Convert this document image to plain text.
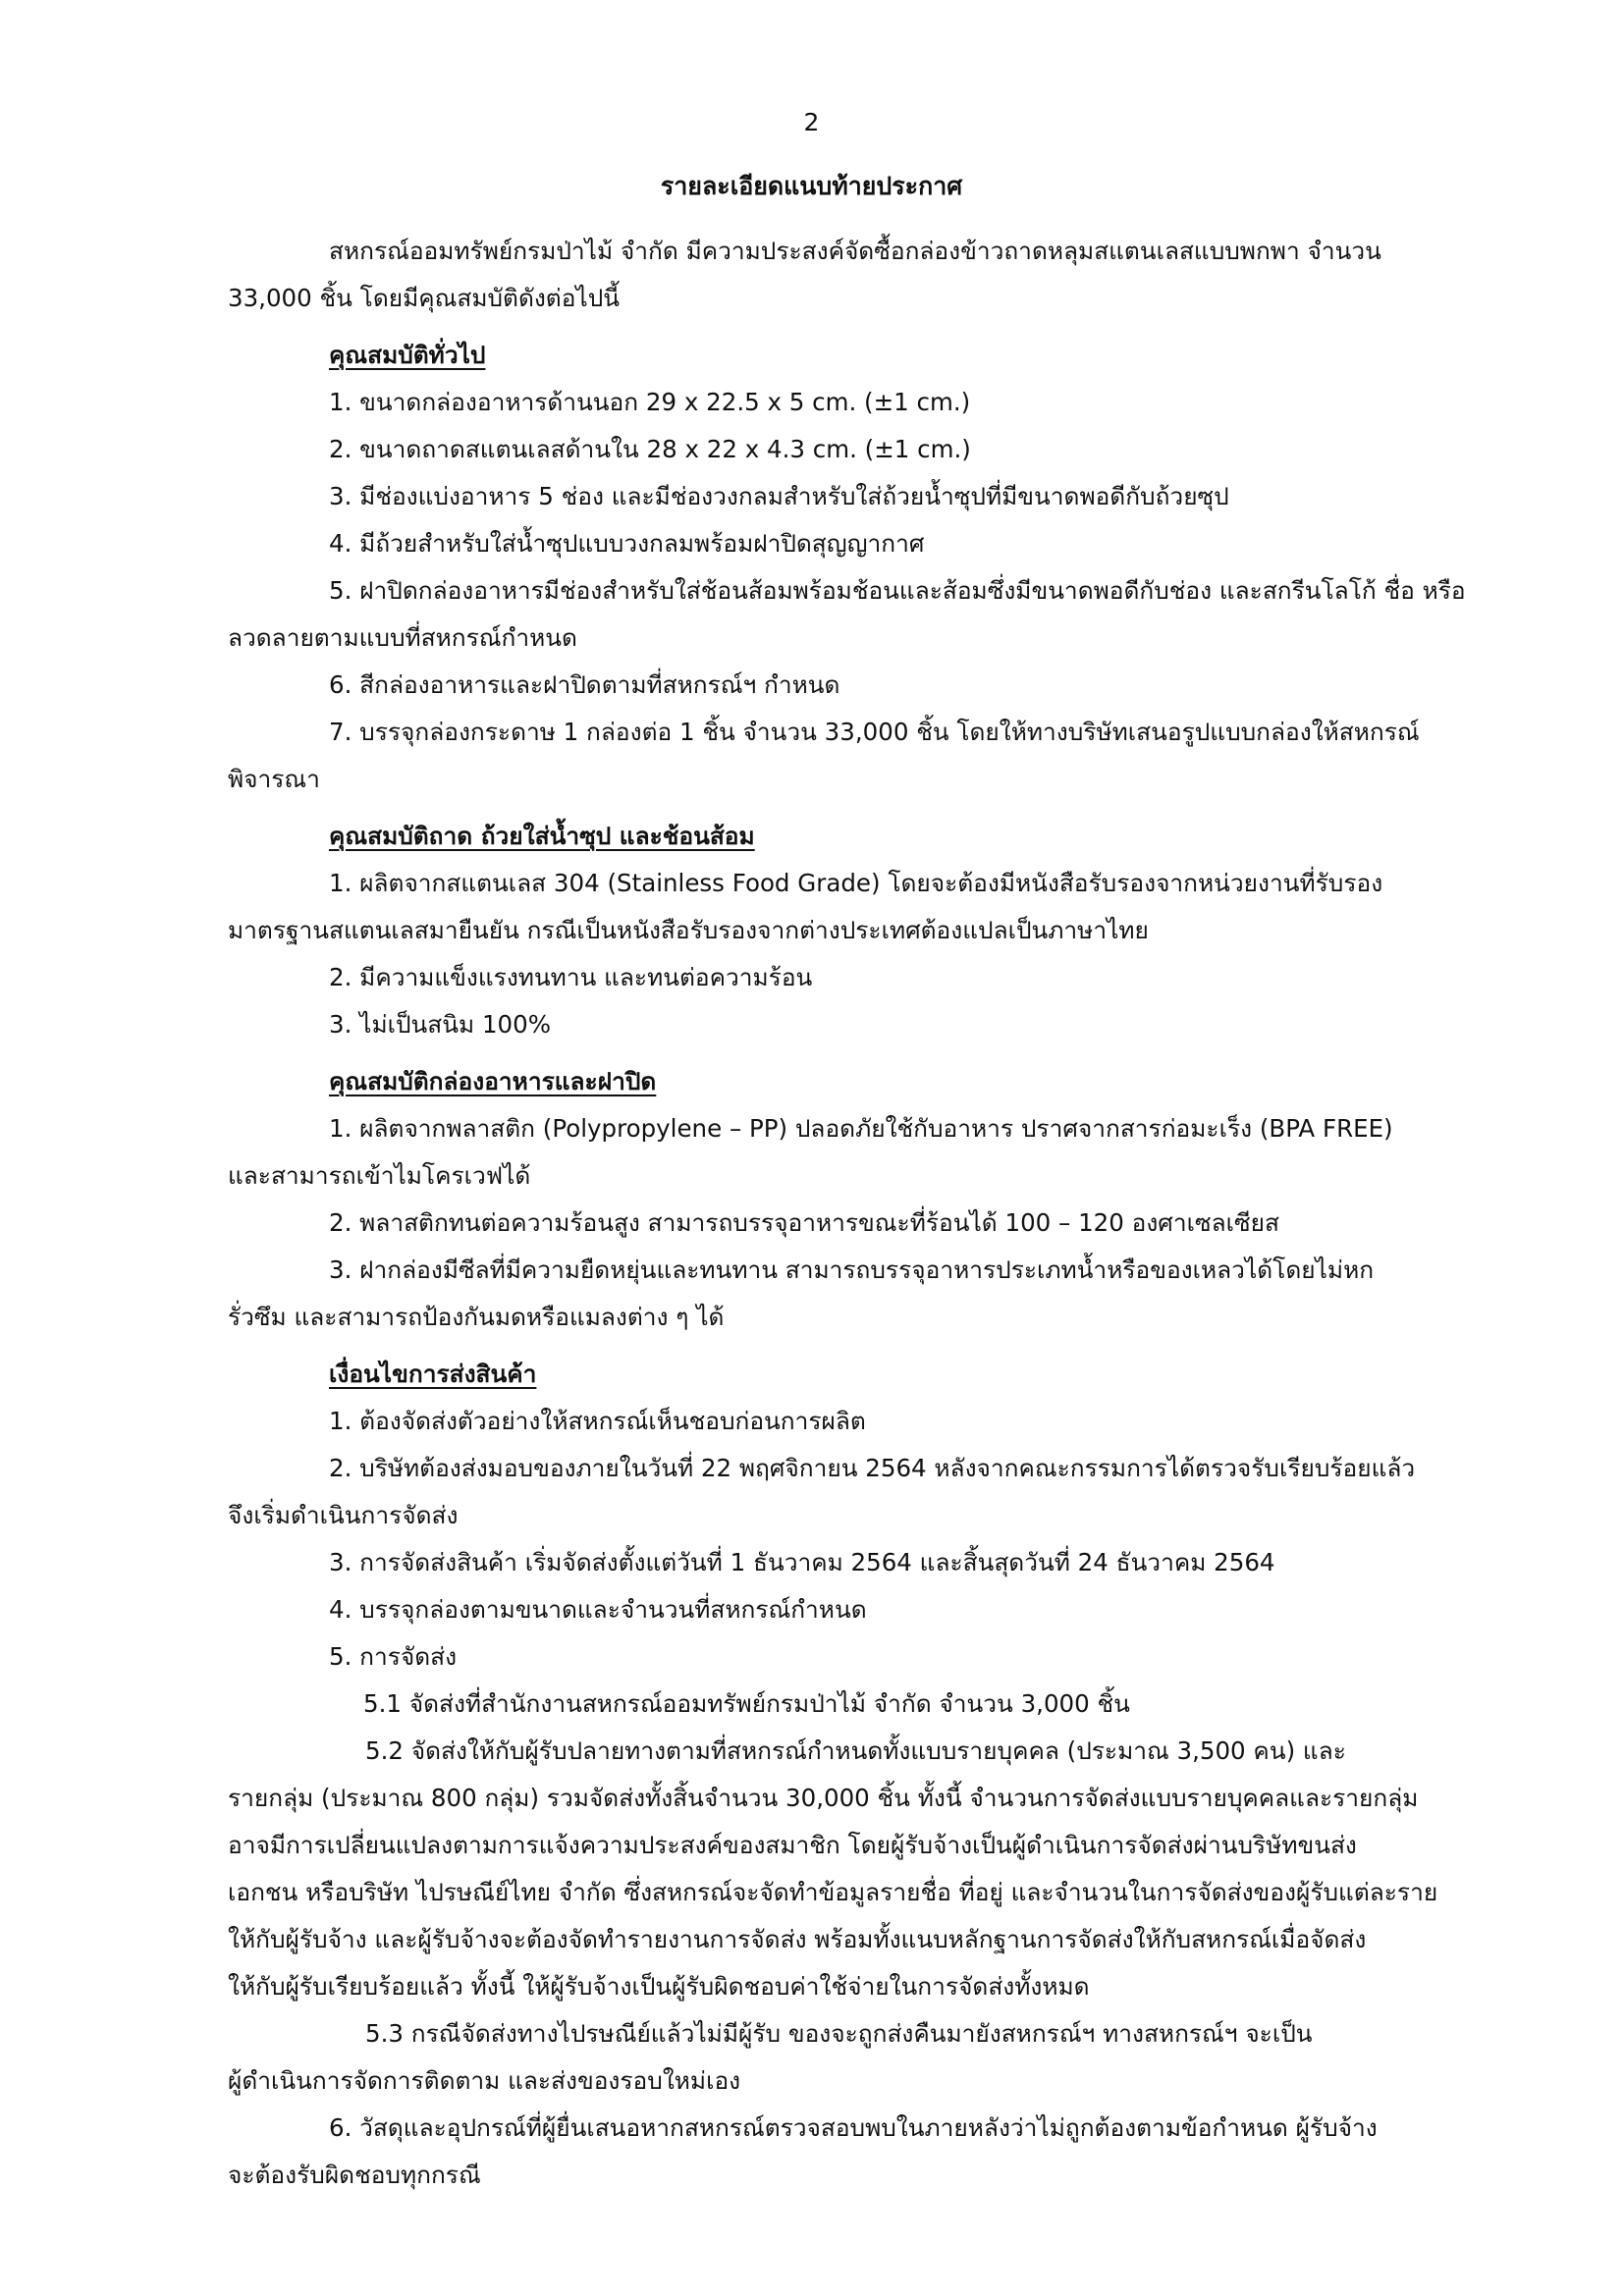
2
รายละเอียดแนบท้ายประกาศ
สหกรณ์ออมทรัพย์กรมป่าไม้ จำกัด มีความประสงค์จัดซื้อกล่องข้าวถาดหลุมสแตนเลสแบบพกพา จำนวน
33,000 ชิ้น โดยมีคุณสมบัติดังต่อไปนี้
คุณสมบัติทั่วไป
1. ขนาดกล่องอาหารด้านนอก 29 x 22.5 x 5 cm. (±1 cm.)
2. ขนาดถาดสแตนเลสด้านใน 28 x 22 x 4.3 cm. (±1 cm.)
3. มีช่องแบ่งอาหาร 5 ช่อง และมีช่องวงกลมสำหรับใส่ถ้วยน้ำซุปที่มีขนาดพอดีกับถ้วยซุป
4. มีถ้วยสำหรับใส่น้ำซุปแบบวงกลมพร้อมฝาปิดสุญญากาศ
5. ฝาปิดกล่องอาหารมีช่องสำหรับใส่ช้อนส้อมพร้อมช้อนและส้อมซึ่งมีขนาดพอดีกับช่อง และสกรีนโลโก้ ชื่อ หรือ
ลวดลายตามแบบที่สหกรณ์กำหนด
6. สีกล่องอาหารและฝาปิดตามที่สหกรณ์ฯ กำหนด
7. บรรจุกล่องกระดาษ 1 กล่องต่อ 1 ชิ้น จำนวน 33,000 ชิ้น โดยให้ทางบริษัทเสนอรูปแบบกล่องให้สหกรณ์
พิจารณา
คุณสมบัติถาด ถ้วยใส่น้ำซุป และช้อนส้อม
1. ผลิตจากสแตนเลส 304 (Stainless Food Grade) โดยจะต้องมีหนังสือรับรองจากหน่วยงานที่รับรอง
มาตรฐานสแตนเลสมายืนยัน กรณีเป็นหนังสือรับรองจากต่างประเทศต้องแปลเป็นภาษาไทย
2. มีความแข็งแรงทนทาน และทนต่อความร้อน
3. ไม่เป็นสนิม 100%
คุณสมบัติกล่องอาหารและฝาปิด
1. ผลิตจากพลาสติก (Polypropylene – PP) ปลอดภัยใช้กับอาหาร ปราศจากสารก่อมะเร็ง (BPA FREE)
และสามารถเข้าไมโครเวฟได้
2. พลาสติกทนต่อความร้อนสูง สามารถบรรจุอาหารขณะที่ร้อนได้ 100 – 120 องศาเซลเซียส
3. ฝากล่องมีซีลที่มีความยืดหยุ่นและทนทาน สามารถบรรจุอาหารประเภทน้ำหรือของเหลวได้โดยไม่หก
รั่วซึม และสามารถป้องกันมดหรือแมลงต่าง ๆ ได้
เงื่อนไขการส่งสินค้า
1. ต้องจัดส่งตัวอย่างให้สหกรณ์เห็นชอบก่อนการผลิต
2. บริษัทต้องส่งมอบของภายในวันที่ 22 พฤศจิกายน 2564 หลังจากคณะกรรมการได้ตรวจรับเรียบร้อยแล้ว
จึงเริ่มดำเนินการจัดส่ง
3. การจัดส่งสินค้า เริ่มจัดส่งตั้งแต่วันที่ 1 ธันวาคม 2564 และสิ้นสุดวันที่ 24 ธันวาคม 2564
4. บรรจุกล่องตามขนาดและจำนวนที่สหกรณ์กำหนด
5. การจัดส่ง
5.1 จัดส่งที่สำนักงานสหกรณ์ออมทรัพย์กรมป่าไม้ จำกัด จำนวน 3,000 ชิ้น
5.2 จัดส่งให้กับผู้รับปลายทางตามที่สหกรณ์กำหนดทั้งแบบรายบุคคล (ประมาณ 3,500 คน) และ
รายกลุ่ม (ประมาณ 800 กลุ่ม) รวมจัดส่งทั้งสิ้นจำนวน 30,000 ชิ้น ทั้งนี้ จำนวนการจัดส่งแบบรายบุคคลและรายกลุ่ม
อาจมีการเปลี่ยนแปลงตามการแจ้งความประสงค์ของสมาชิก โดยผู้รับจ้างเป็นผู้ดำเนินการจัดส่งผ่านบริษัทขนส่ง
เอกชน หรือบริษัท ไปรษณีย์ไทย จำกัด ซึ่งสหกรณ์จะจัดทำข้อมูลรายชื่อ ที่อยู่ และจำนวนในการจัดส่งของผู้รับแต่ละราย
ให้กับผู้รับจ้าง และผู้รับจ้างจะต้องจัดทำรายงานการจัดส่ง พร้อมทั้งแนบหลักฐานการจัดส่งให้กับสหกรณ์เมื่อจัดส่ง
ให้กับผู้รับเรียบร้อยแล้ว ทั้งนี้ ให้ผู้รับจ้างเป็นผู้รับผิดชอบค่าใช้จ่ายในการจัดส่งทั้งหมด
5.3 กรณีจัดส่งทางไปรษณีย์แล้วไม่มีผู้รับ ของจะถูกส่งคืนมายังสหกรณ์ฯ ทางสหกรณ์ฯ จะเป็น
ผู้ดำเนินการจัดการติดตาม และส่งของรอบใหม่เอง
6. วัสดุและอุปกรณ์ที่ผู้ยื่นเสนอหากสหกรณ์ตรวจสอบพบในภายหลังว่าไม่ถูกต้องตามข้อกำหนด ผู้รับจ้าง
จะต้องรับผิดชอบทุกกรณี
